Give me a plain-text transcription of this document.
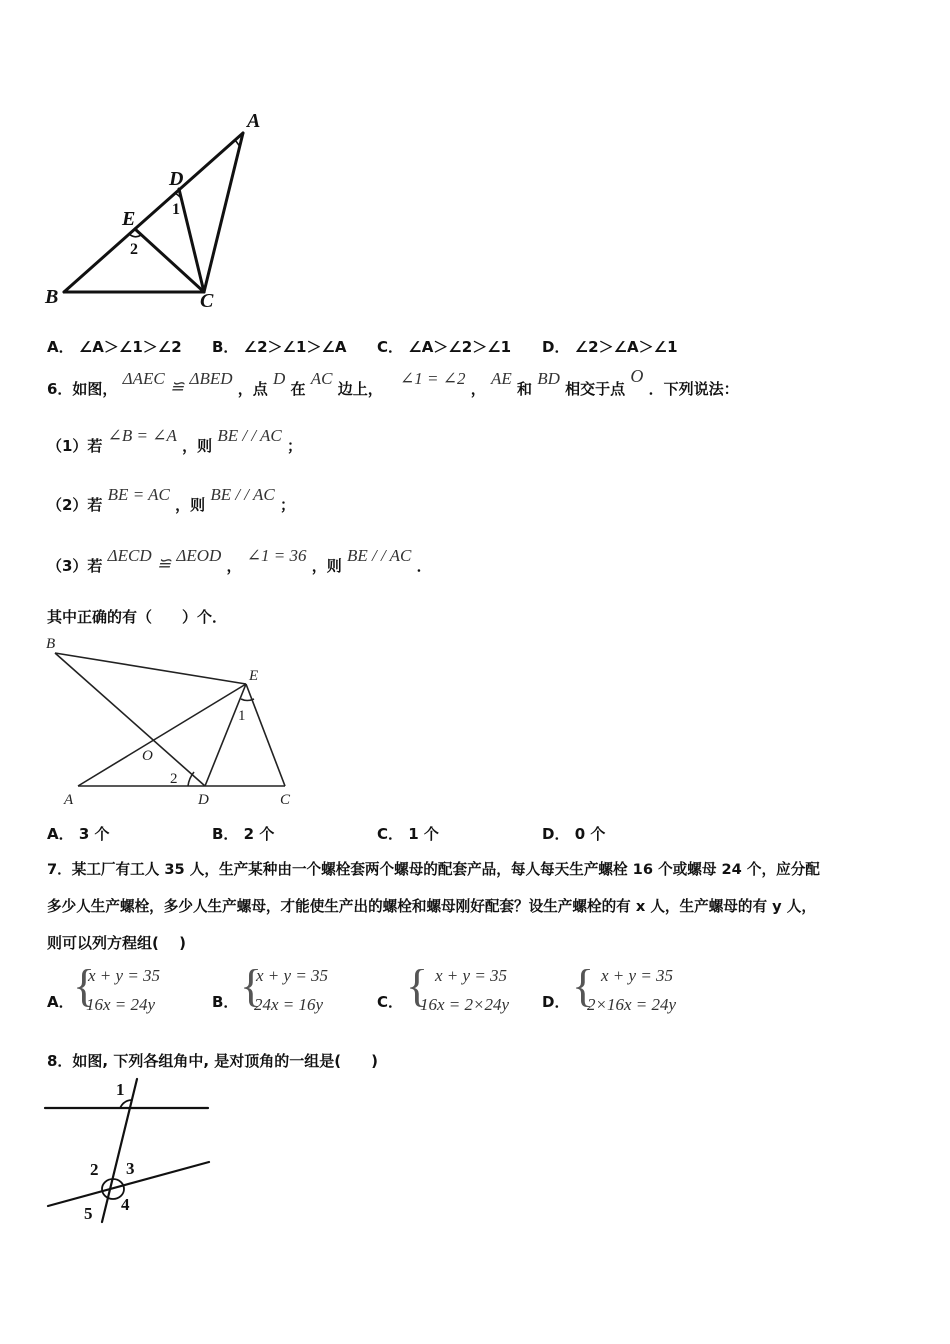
A
D
E
B	C
1
2
A． ∠A＞∠1＞∠2 B． ∠2＞∠1＞∠A C． ∠A＞∠2＞∠1 D． ∠2＞∠A＞∠1
6．如图， ΔAEC ≌ ΔBED ，点 D 在 AC 边上， ∠1 = ∠2 ， AE 和 BD 相交于点 O ．下列说法：
（1）若 ∠B = ∠A ，则 BE / / AC ；
（2）若 BE = AC ，则 BE / / AC ；
（3）若 ΔECD ≌ ΔEOD ， ∠1 = 36 ，则 BE / / AC ．
其中正确的有（　　）个．
B
E
O
A	D	C
1
2
A． 3 个	B． 2 个	C． 1 个	D． 0 个
7．某工厂有工人 35 人，生产某种由一个螺栓套两个螺母的配套产品，每人每天生产螺栓 16 个或螺母 24 个，应分配
多少人生产螺栓，多少人生产螺母，才能使生产出的螺栓和螺母刚好配套？设生产螺栓的有 x 人，生产螺母的有 y 人，
则可以列方程组(　 )
A． {
x + y = 35
16x = 24y	B． {
x + y = 35
24x = 16y	C． { x + y = 35
16x = 2×24y D． { x + y = 35
2×16x = 24y
8．如图, 下列各组角中, 是对顶角的一组是(　　)
1
2 3
4
5
